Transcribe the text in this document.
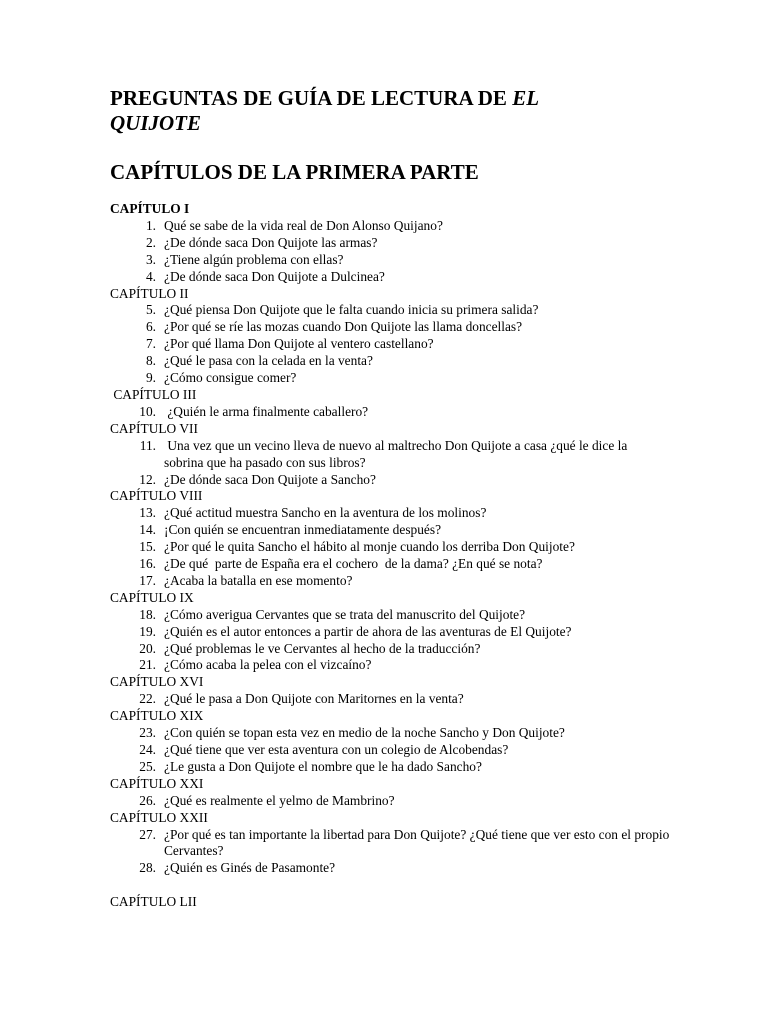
PREGUNTAS DE GUÍA DE LECTURA DE EL
QUIJOTE
CAPÍTULOS DE LA PRIMERA PARTE
CAPÍTULO I
1. Qué se sabe de la vida real de Don Alonso Quijano?
2. ¿De dónde saca Don Quijote las armas?
3. ¿Tiene algún problema con ellas?
4. ¿De dónde saca Don Quijote a Dulcinea?
CAPÍTULO II
5. ¿Qué piensa Don Quijote que le falta cuando inicia su primera salida?
6. ¿Por qué se ríe las mozas cuando Don Quijote las llama doncellas?
7. ¿Por qué llama Don Quijote al ventero castellano?
8. ¿Qué le pasa con la celada en la venta?
9. ¿Cómo consigue comer?
CAPÍTULO III
10. ¿Quién le arma finalmente caballero?
CAPÍTULO VII
11. Una vez que un vecino lleva de nuevo al maltrecho Don Quijote a casa ¿qué le dice la sobrina que ha pasado con sus libros?
12. ¿De dónde saca Don Quijote a Sancho?
CAPÍTULO VIII
13. ¿Qué actitud muestra Sancho en la aventura de los molinos?
14. ¡Con quién se encuentran inmediatamente después?
15. ¿Por qué le quita Sancho el hábito al monje cuando los derriba Don Quijote?
16. ¿De qué  parte de España era el cochero  de la dama? ¿En qué se nota?
17. ¿Acaba la batalla en ese momento?
CAPÍTULO IX
18. ¿Cómo averigua Cervantes que se trata del manuscrito del Quijote?
19. ¿Quién es el autor entonces a partir de ahora de las aventuras de El Quijote?
20. ¿Qué problemas le ve Cervantes al hecho de la traducción?
21. ¿Cómo acaba la pelea con el vizcaíno?
CAPÍTULO XVI
22. ¿Qué le pasa a Don Quijote con Maritornes en la venta?
CAPÍTULO XIX
23. ¿Con quién se topan esta vez en medio de la noche Sancho y Don Quijote?
24. ¿Qué tiene que ver esta aventura con un colegio de Alcobendas?
25. ¿Le gusta a Don Quijote el nombre que le ha dado Sancho?
CAPÍTULO XXI
26. ¿Qué es realmente el yelmo de Mambrino?
CAPÍTULO XXII
27. ¿Por qué es tan importante la libertad para Don Quijote? ¿Qué tiene que ver esto con el propio Cervantes?
28. ¿Quién es Ginés de Pasamonte?
CAPÍTULO LII
